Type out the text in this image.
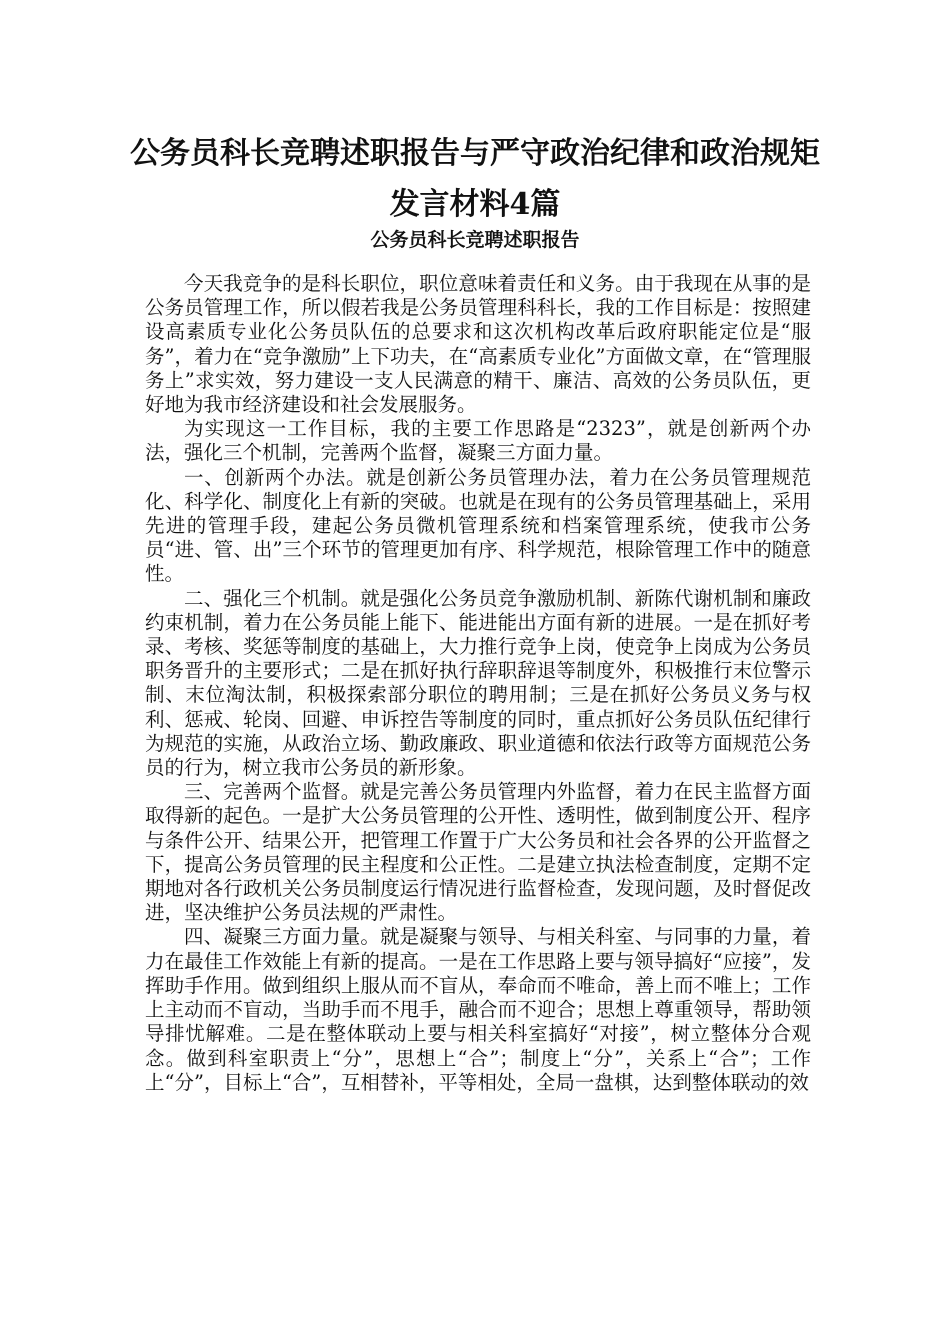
公务员科长竞聘述职报告与严守政治纪律和政治规矩
发言材料4篇
公务员科长竞聘述职报告

今天我竞争的是科长职位，职位意味着责任和义务。由于我现在从事的是公务员管理工作，所以假若我是公务员管理科科长，我的工作目标是：按照建设高素质专业化公务员队伍的总要求和这次机构改革后政府职能定位是“服务”，着力在“竞争激励”上下功夫，在“高素质专业化”方面做文章，在“管理服务上”求实效，努力建设一支人民满意的精干、廉洁、高效的公务员队伍，更好地为我市经济建设和社会发展服务。

为实现这一工作目标，我的主要工作思路是“2323”，就是创新两个办法，强化三个机制，完善两个监督，凝聚三方面力量。

一、创新两个办法。就是创新公务员管理办法，着力在公务员管理规范化、科学化、制度化上有新的突破。也就是在现有的公务员管理基础上，采用先进的管理手段，建起公务员微机管理系统和档案管理系统，使我市公务员“进、管、出”三个环节的管理更加有序、科学规范，根除管理工作中的随意性。

二、强化三个机制。就是强化公务员竞争激励机制、新陈代谢机制和廉政约束机制，着力在公务员能上能下、能进能出方面有新的进展。一是在抓好考录、考核、奖惩等制度的基础上，大力推行竞争上岗，使竞争上岗成为公务员职务晋升的主要形式；二是在抓好执行辞职辞退等制度外，积极推行末位警示制、末位淘汰制，积极探索部分职位的聘用制；三是在抓好公务员义务与权利、惩戒、轮岗、回避、申诉控告等制度的同时，重点抓好公务员队伍纪律行为规范的实施，从政治立场、勤政廉政、职业道德和依法行政等方面规范公务员的行为，树立我市公务员的新形象。

三、完善两个监督。就是完善公务员管理内外监督，着力在民主监督方面取得新的起色。一是扩大公务员管理的公开性、透明性，做到制度公开、程序与条件公开、结果公开，把管理工作置于广大公务员和社会各界的公开监督之下，提高公务员管理的民主程度和公正性。二是建立执法检查制度，定期不定期地对各行政机关公务员制度运行情况进行监督检查，发现问题，及时督促改进，坚决维护公务员法规的严肃性。

四、凝聚三方面力量。就是凝聚与领导、与相关科室、与同事的力量，着力在最佳工作效能上有新的提高。一是在工作思路上要与领导搞好“应接”，发挥助手作用。做到组织上服从而不盲从，奉命而不唯命，善上而不唯上；工作上主动而不盲动，当助手而不甩手，融合而不迎合；思想上尊重领导，帮助领导排忧解难。二是在整体联动上要与相关科室搞好“对接”，树立整体分合观念。做到科室职责上“分”，思想上“合”；制度上“分”，关系上“合”；工作上“分”，目标上“合”，互相替补，平等相处，全局一盘棋，达到整体联动的效
